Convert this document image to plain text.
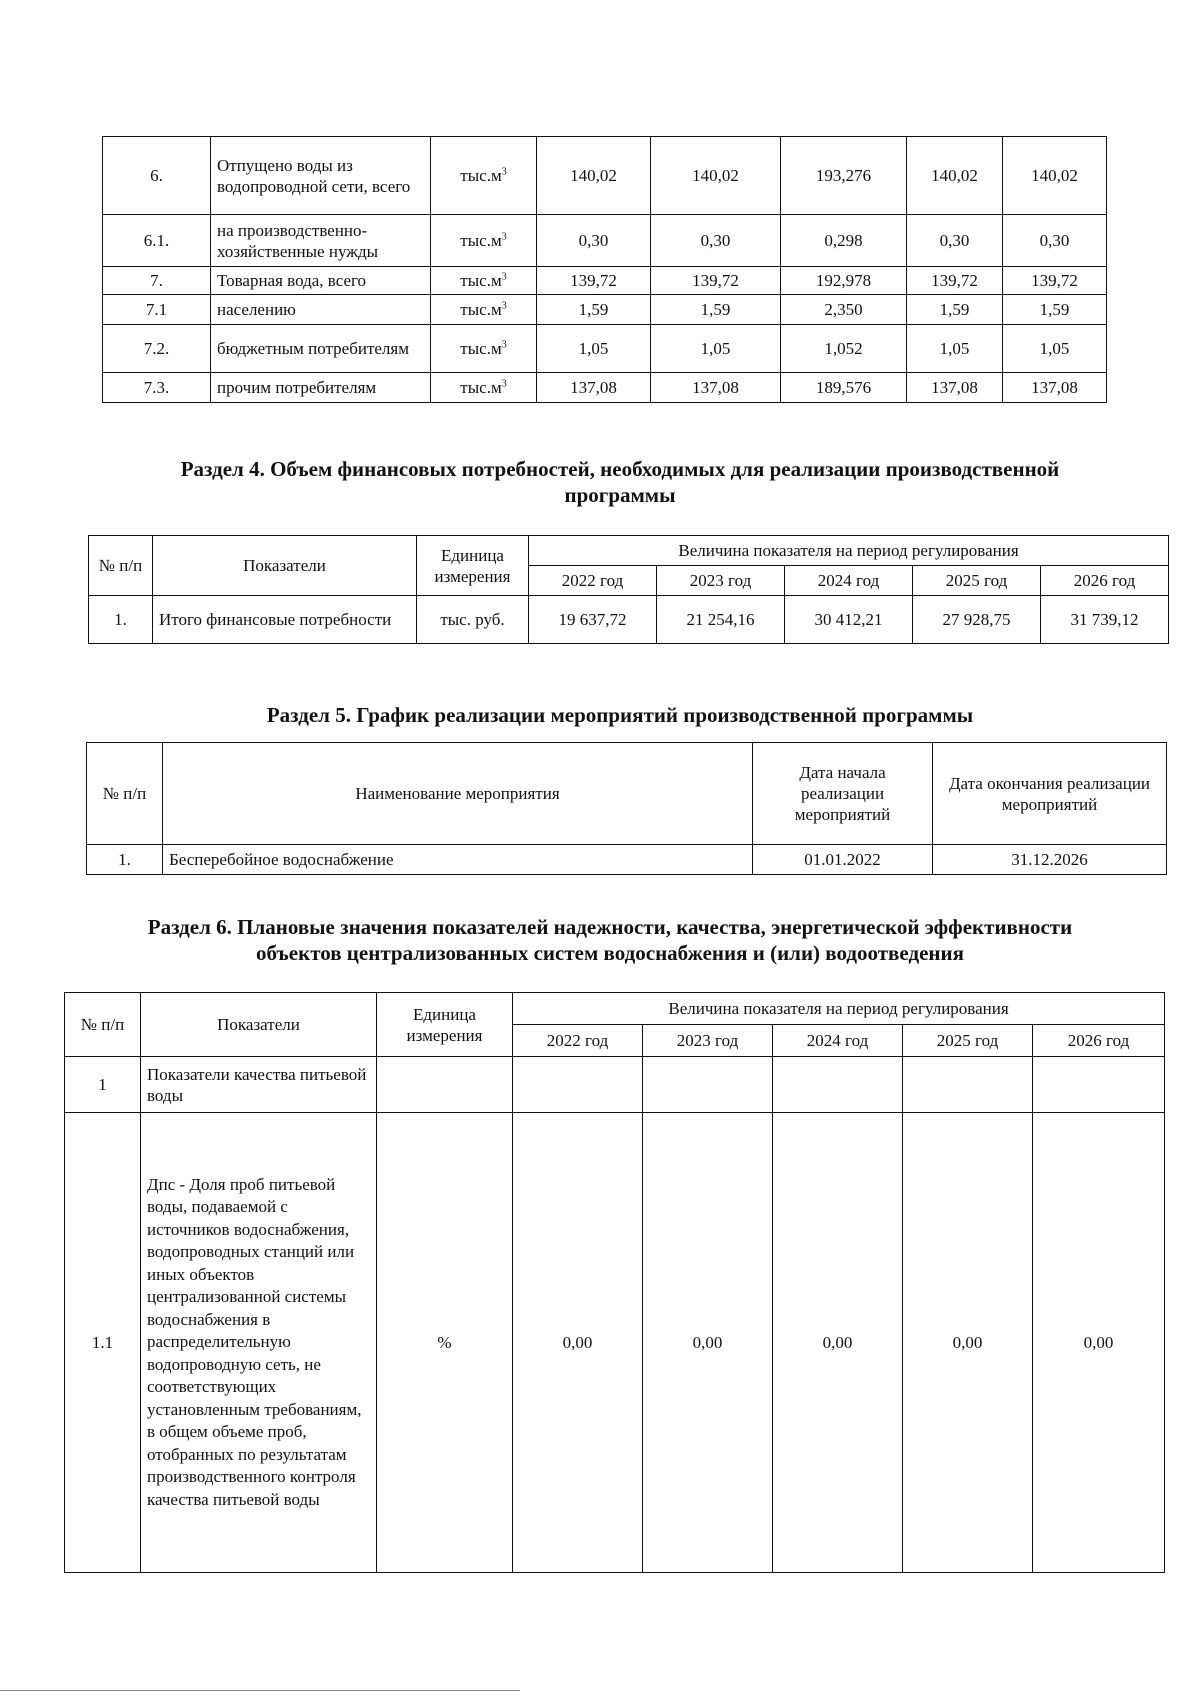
6.	Отпущено воды из водопроводной сети, всего	$тыс.м^3$	140,02	140,02	193,276	140,02	140,02
6.1.	на производственно-хозяйственные нужды	$тыс.м^3$	0,30	0,30	0,298	0,30	0,30
7.	Товарная вода, всего	$тыс.м^3$	139,72	139,72	192,978	139,72	139,72
7.1	населению	$тыс.м^3$	1,59	1,59	2,350	1,59	1,59
7.2.	бюджетным потребителям	$тыс.м^3$	1,05	1,05	1,052	1,05	1,05
7.3.	прочим потребителям	$тыс.м^3$	137,08	137,08	189,576	137,08	137,08
Раздел 4. Объем финансовых потребностей, необходимых для реализации производственной
программы
№ п/п	Показатели	Единица измерения	Величина показателя на период регулирования				
			2022 год	2023 год	2024 год	2025 год	2026 год
1.	Итого финансовые потребности	тыс. руб.	19 637,72	21 254,16	30 412,21	27 928,75	31 739,12
Раздел 5. График реализации мероприятий производственной программы
№ п/п	Наименование мероприятия	Дата начала реализации мероприятий	Дата окончания реализации мероприятий
1.	Бесперебойное водоснабжение	01.01.2022	31.12.2026
Раздел 6. Плановые значения показателей надежности, качества, энергетической эффективности
объектов централизованных систем водоснабжения и (или) водоотведения
№ п/п	Показатели	Единица измерения	Величина показателя на период регулирования				
			2022 год	2023 год	2024 год	2025 год	2026 год
1	Показатели качества питьевой воды						
1.1	Дпс - Доля проб питьевой воды, подаваемой с источников водоснабжения, водопроводных станций или иных объектов централизованной системы водоснабжения в распределительную водопроводную сеть, не соответствующих установленным требованиям, в общем объеме проб, отобранных по результатам производственного контроля качества питьевой воды	%	0,00	0,00	0,00	0,00	0,00
